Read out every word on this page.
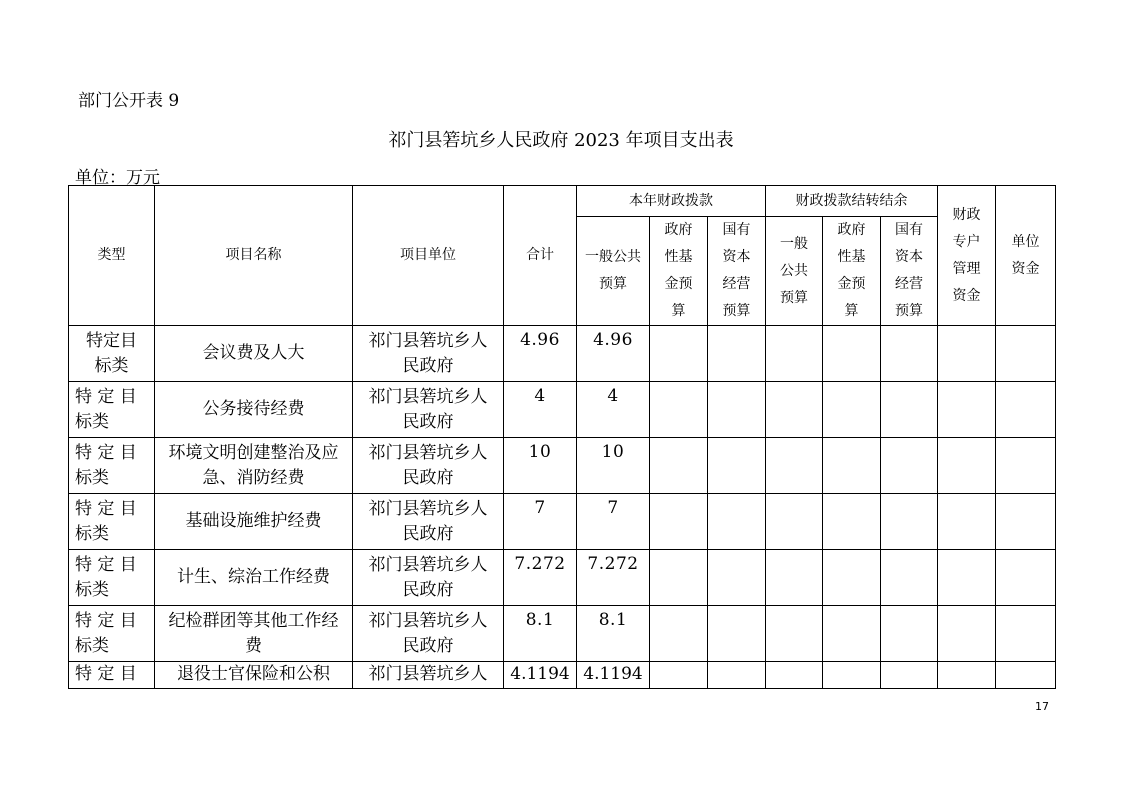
部门公开表 9
祁门县箬坑乡人民政府 2023 年项目支出表
单位：万元
类型	项目名称	项目单位	合计	本年财政拨款			财政拨款结转结余			财政专户管理资金	单位资金

				一般公共预算	政府性基金预算	国有资本经营预算	一般公共预算	政府性基金预算	国有资本经营预算		

特定目标类	会议费及人大	祁门县箬坑乡人民政府	4.96	4.96							

特 定 目 标类	公务接待经费	祁门县箬坑乡人民政府	4	4							

特 定 目 标类	环境文明创建整治及应急、消防经费	祁门县箬坑乡人民政府	10	10							

特 定 目 标类	基础设施维护经费	祁门县箬坑乡人民政府	7	7							

特 定 目 标类	计生、综治工作经费	祁门县箬坑乡人民政府	7.272	7.272							

特 定 目 标类	纪检群团等其他工作经费	祁门县箬坑乡人民政府	8.1	8.1							
特 定 目	退役士官保险和公积	祁门县箬坑乡人	4.1194	4.1194							
17
